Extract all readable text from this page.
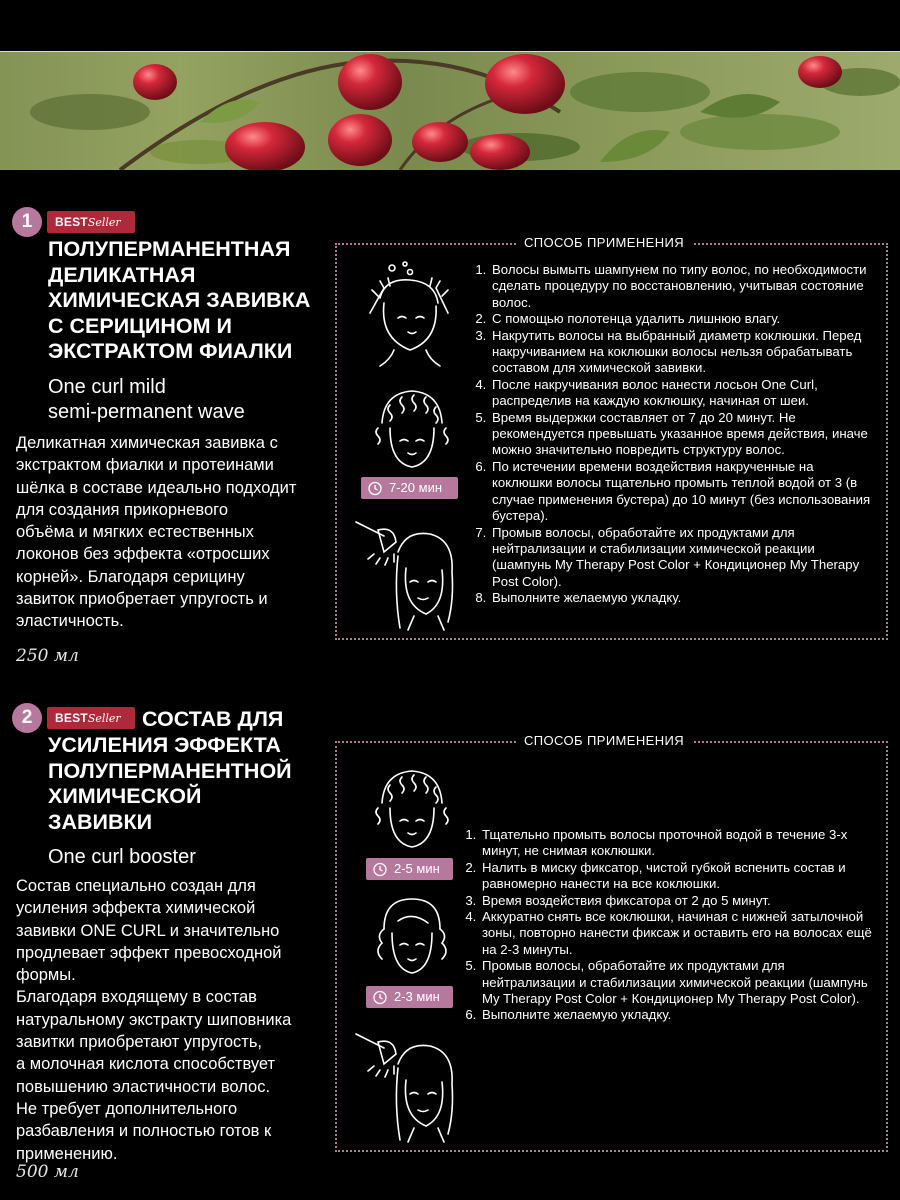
1	BESTSeller
ПОЛУПЕРМАНЕНТНАЯ
ДЕЛИКАТНАЯ
ХИМИЧЕСКАЯ ЗАВИВКА
С СЕРИЦИНОМ И
ЭКСТРАКТОМ ФИАЛКИ
One curl mild
semi-permanent wave
Деликатная химическая завивка с
экстрактом фиалки и протеинами
шёлка в составе идеально подходит
для создания прикорневого
объёма и мягких естественных
локонов без эффекта «отросших
корней». Благодаря серицину
завиток приобретает упругость и
эластичность.
250 мл
СПОСОБ ПРИМЕНЕНИЯ
7-20 мин
1. Волосы вымыть шампунем по типу волос, по необходимости сделать процедуру по восстановлению, учитывая состояние волос.
2. С помощью полотенца удалить лишнюю влагу.
3. Накрутить волосы на выбранный диаметр коклюшки. Перед накручиванием на коклюшки волосы нельзя обрабатывать составом для химической завивки.
4. После накручивания волос нанести лосьон One Curl, распределив на каждую коклюшку, начиная от шеи.
5. Время выдержки составляет от 7 до 20 минут. Не рекомендуется превышать указанное время действия, иначе можно значительно повредить структуру волос.
6. По истечении времени воздействия накрученные на коклюшки волосы тщательно промыть теплой водой от 3 (в случае применения бустера) до 10 минут (без использования бустера).
7. Промыв волосы, обработайте их продуктами для нейтрализации и стабилизации химической реакции (шампунь My Therapy Post Color + Кондиционер My Therapy Post Color).
8. Выполните желаемую укладку.
2	BESTSeller СОСТАВ ДЛЯ
УСИЛЕНИЯ ЭФФЕКТА
ПОЛУПЕРМАНЕНТНОЙ
ХИМИЧЕСКОЙ
ЗАВИВКИ
One curl booster
Состав специально создан для
усиления эффекта химической
завивки ONE CURL и значительно
продлевает эффект превосходной
формы.
Благодаря входящему в состав
натуральному экстракту шиповника
завитки приобретают упругость,
а молочная кислота способствует
повышению эластичности волос.
Не требует дополнительного
разбавления и полностью готов к
применению.
500 мл
СПОСОБ ПРИМЕНЕНИЯ
2-5 мин
2-3 мин
1. Тщательно промыть волосы проточной водой в течение 3-х минут, не снимая коклюшки.
2. Налить в миску фиксатор, чистой губкой вспенить состав и равномерно нанести на все коклюшки.
3. Время воздействия фиксатора от 2 до 5 минут.
4. Аккуратно снять все коклюшки, начиная с нижней затылочной зоны, повторно нанести фиксаж и оставить его на волосах ещё на 2-3 минуты.
5. Промыв волосы, обработайте их продуктами для нейтрализации и стабилизации химической реакции (шампунь My Therapy Post Color + Кондиционер My Therapy Post Color).
6. Выполните желаемую укладку.
